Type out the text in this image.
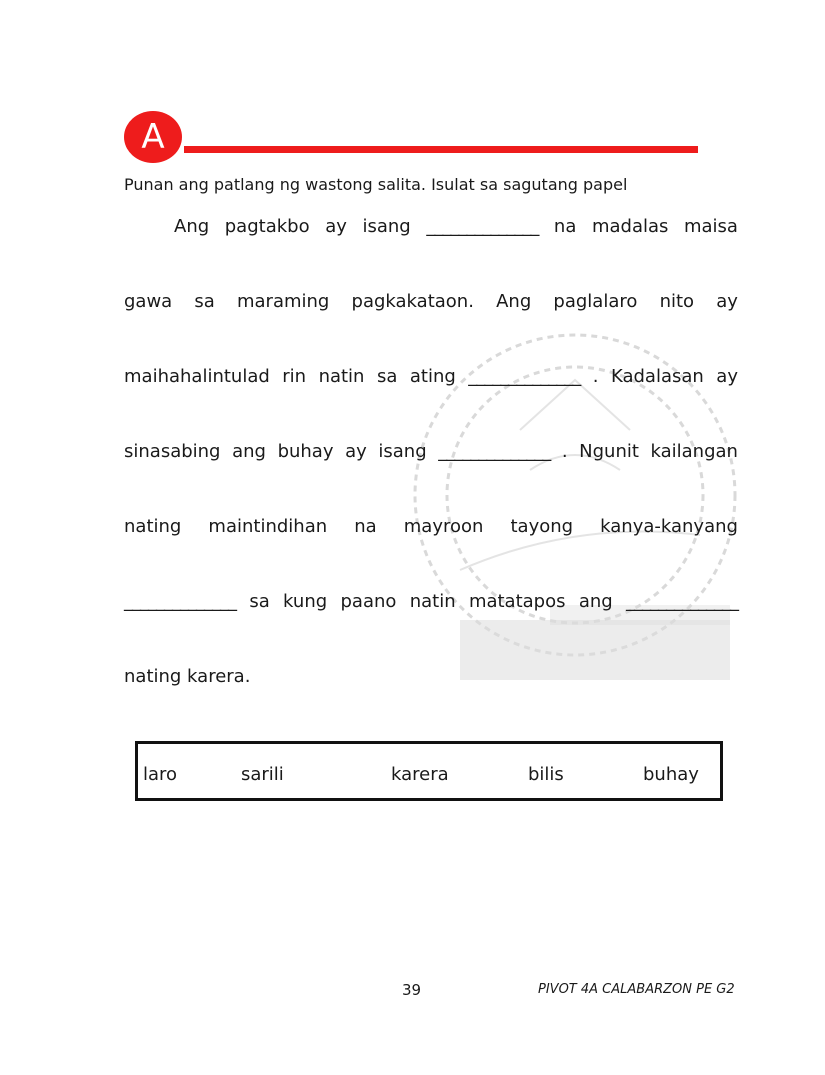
A
Punan ang patlang ng wastong salita. Isulat sa sagutang papel
Ang pagtakbo ay isang ______________ na madalas maisa
gawa sa maraming pagkakataon. Ang paglalaro nito ay
maihahalintulad rin natin sa ating ______________ . Kadalasan ay
sinasabing ang buhay ay isang ______________ . Ngunit kailangan
nating maintindihan na mayroon tayong kanya-kanyang
______________ sa kung paano natin matatapos ang ______________
nating karera.
laro	sarili	karera	bilis	buhay
39	PIVOT 4A CALABARZON PE G2
